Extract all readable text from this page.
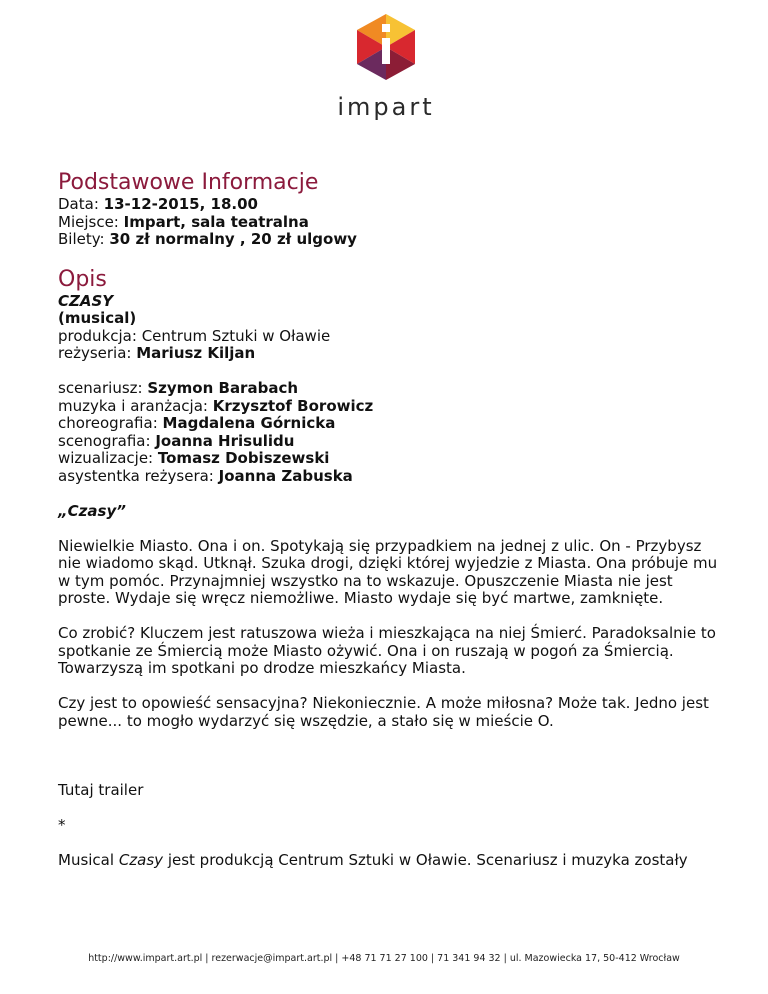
impart
Podstawowe Informacje

Data: 13-12-2015, 18.00

Miejsce: Impart, sala teatralna

Bilety: 30 zł normalny , 20 zł ulgowy

Opis

CZASY

(musical)

produkcja: Centrum Sztuki w Oławie

reżyseria: Mariusz Kiljan

scenariusz: Szymon Barabach

muzyka i aranżacja: Krzysztof Borowicz

choreografia: Magdalena Górnicka

scenografia: Joanna Hrisulidu

wizualizacje: Tomasz Dobiszewski

asystentka reżysera: Joanna Zabuska

„Czasy”

Niewielkie Miasto. Ona i on. Spotykają się przypadkiem na jednej z ulic. On - Przybysz nie wiadomo skąd. Utknął. Szuka drogi, dzięki której wyjedzie z Miasta. Ona próbuje mu w tym pomóc. Przynajmniej wszystko na to wskazuje. Opuszczenie Miasta nie jest proste. Wydaje się wręcz niemożliwe. Miasto wydaje się być martwe, zamknięte.

Co zrobić? Kluczem jest ratuszowa wieża i mieszkająca na niej Śmierć. Paradoksalnie to spotkanie ze Śmiercią może Miasto ożywić. Ona i on ruszają w pogoń za Śmiercią. Towarzyszą im spotkani po drodze mieszkańcy Miasta.

Czy jest to opowieść sensacyjna? Niekoniecznie. A może miłosna? Może tak. Jedno jest pewne... to mogło wydarzyć się wszędzie, a stało się w mieście O.

Tutaj trailer

*

Musical Czasy jest produkcją Centrum Sztuki w Oławie. Scenariusz i muzyka zostały

http://www.impart.art.pl | rezerwacje@impart.art.pl | +48 71 71 27 100 | 71 341 94 32 | ul. Mazowiecka 17, 50-412 Wrocław
